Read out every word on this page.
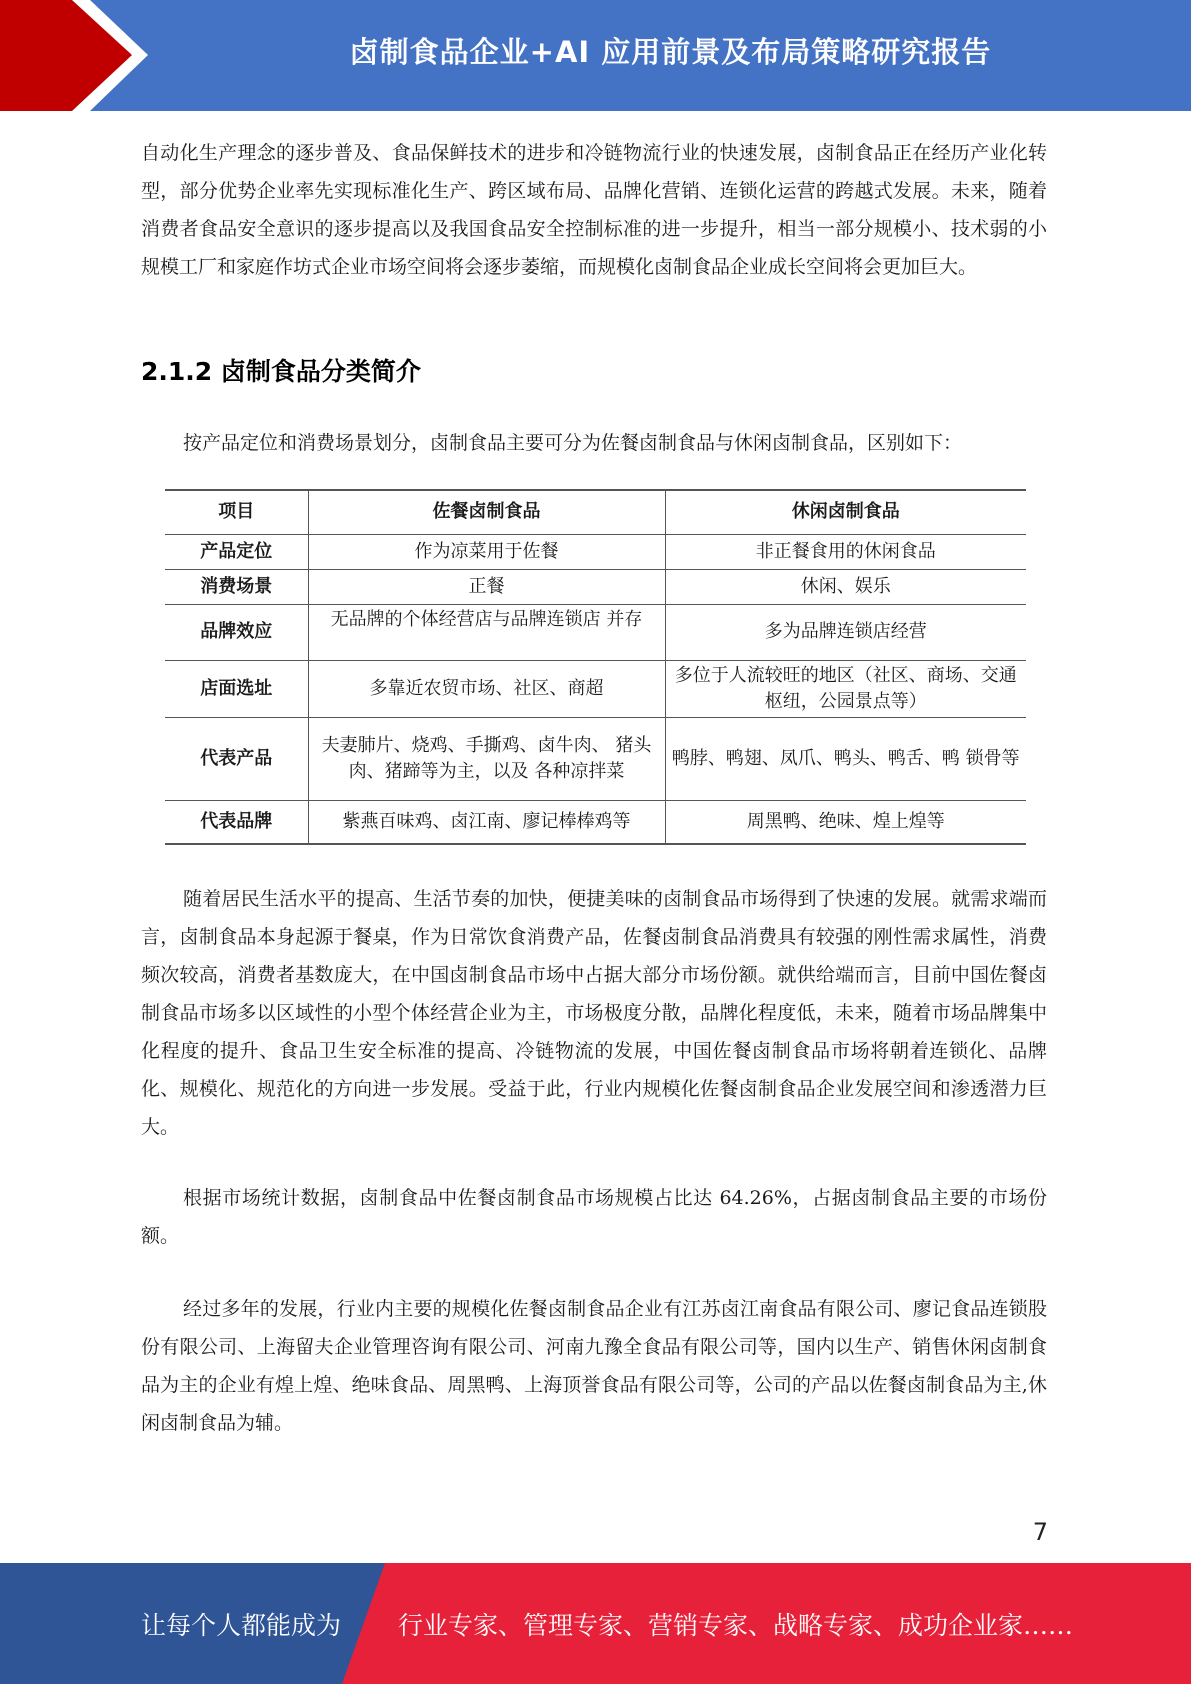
卤制食品企业+AI 应用前景及布局策略研究报告

自动化生产理念的逐步普及、食品保鲜技术的进步和冷链物流行业的快速发展，卤制食品正在经历产业化转型，部分优势企业率先实现标准化生产、跨区域布局、品牌化营销、连锁化运营的跨越式发展。未来，随着消费者食品安全意识的逐步提高以及我国食品安全控制标准的进一步提升，相当一部分规模小、技术弱的小规模工厂和家庭作坊式企业市场空间将会逐步萎缩，而规模化卤制食品企业成长空间将会更加巨大。

2.1.2 卤制食品分类简介

按产品定位和消费场景划分，卤制食品主要可分为佐餐卤制食品与休闲卤制食品，区别如下：

项目	佐餐卤制食品	休闲卤制食品
产品定位	作为凉菜用于佐餐	非正餐食用的休闲食品
消费场景	正餐	休闲、娱乐
品牌效应	无品牌的个体经营店与品牌连锁店 并存	多为品牌连锁店经营
店面选址	多靠近农贸市场、社区、商超	多位于人流较旺的地区（社区、商场、交通枢纽，公园景点等）
代表产品	夫妻肺片、烧鸡、手撕鸡、卤牛肉、 猪头肉、猪蹄等为主，以及 各种凉拌菜	鸭脖、鸭翅、凤爪、鸭头、鸭舌、鸭 锁骨等
代表品牌	紫燕百味鸡、卤江南、廖记棒棒鸡等	周黑鸭、绝味、煌上煌等

随着居民生活水平的提高、生活节奏的加快，便捷美味的卤制食品市场得到了快速的发展。就需求端而言，卤制食品本身起源于餐桌，作为日常饮食消费产品，佐餐卤制食品消费具有较强的刚性需求属性，消费频次较高，消费者基数庞大，在中国卤制食品市场中占据大部分市场份额。就供给端而言，目前中国佐餐卤制食品市场多以区域性的小型个体经营企业为主，市场极度分散，品牌化程度低，未来，随着市场品牌集中化程度的提升、食品卫生安全标准的提高、冷链物流的发展，中国佐餐卤制食品市场将朝着连锁化、品牌化、规模化、规范化的方向进一步发展。受益于此，行业内规模化佐餐卤制食品企业发展空间和渗透潜力巨大。

根据市场统计数据，卤制食品中佐餐卤制食品市场规模占比达 64.26%，占据卤制食品主要的市场份额。

经过多年的发展，行业内主要的规模化佐餐卤制食品企业有江苏卤江南食品有限公司、廖记食品连锁股份有限公司、上海留夫企业管理咨询有限公司、河南九豫全食品有限公司等，国内以生产、销售休闲卤制食品为主的企业有煌上煌、绝味食品、周黑鸭、上海顶誉食品有限公司等，公司的产品以佐餐卤制食品为主,休闲卤制食品为辅。

7
让每个人都能成为 行业专家、管理专家、营销专家、战略专家、成功企业家……
